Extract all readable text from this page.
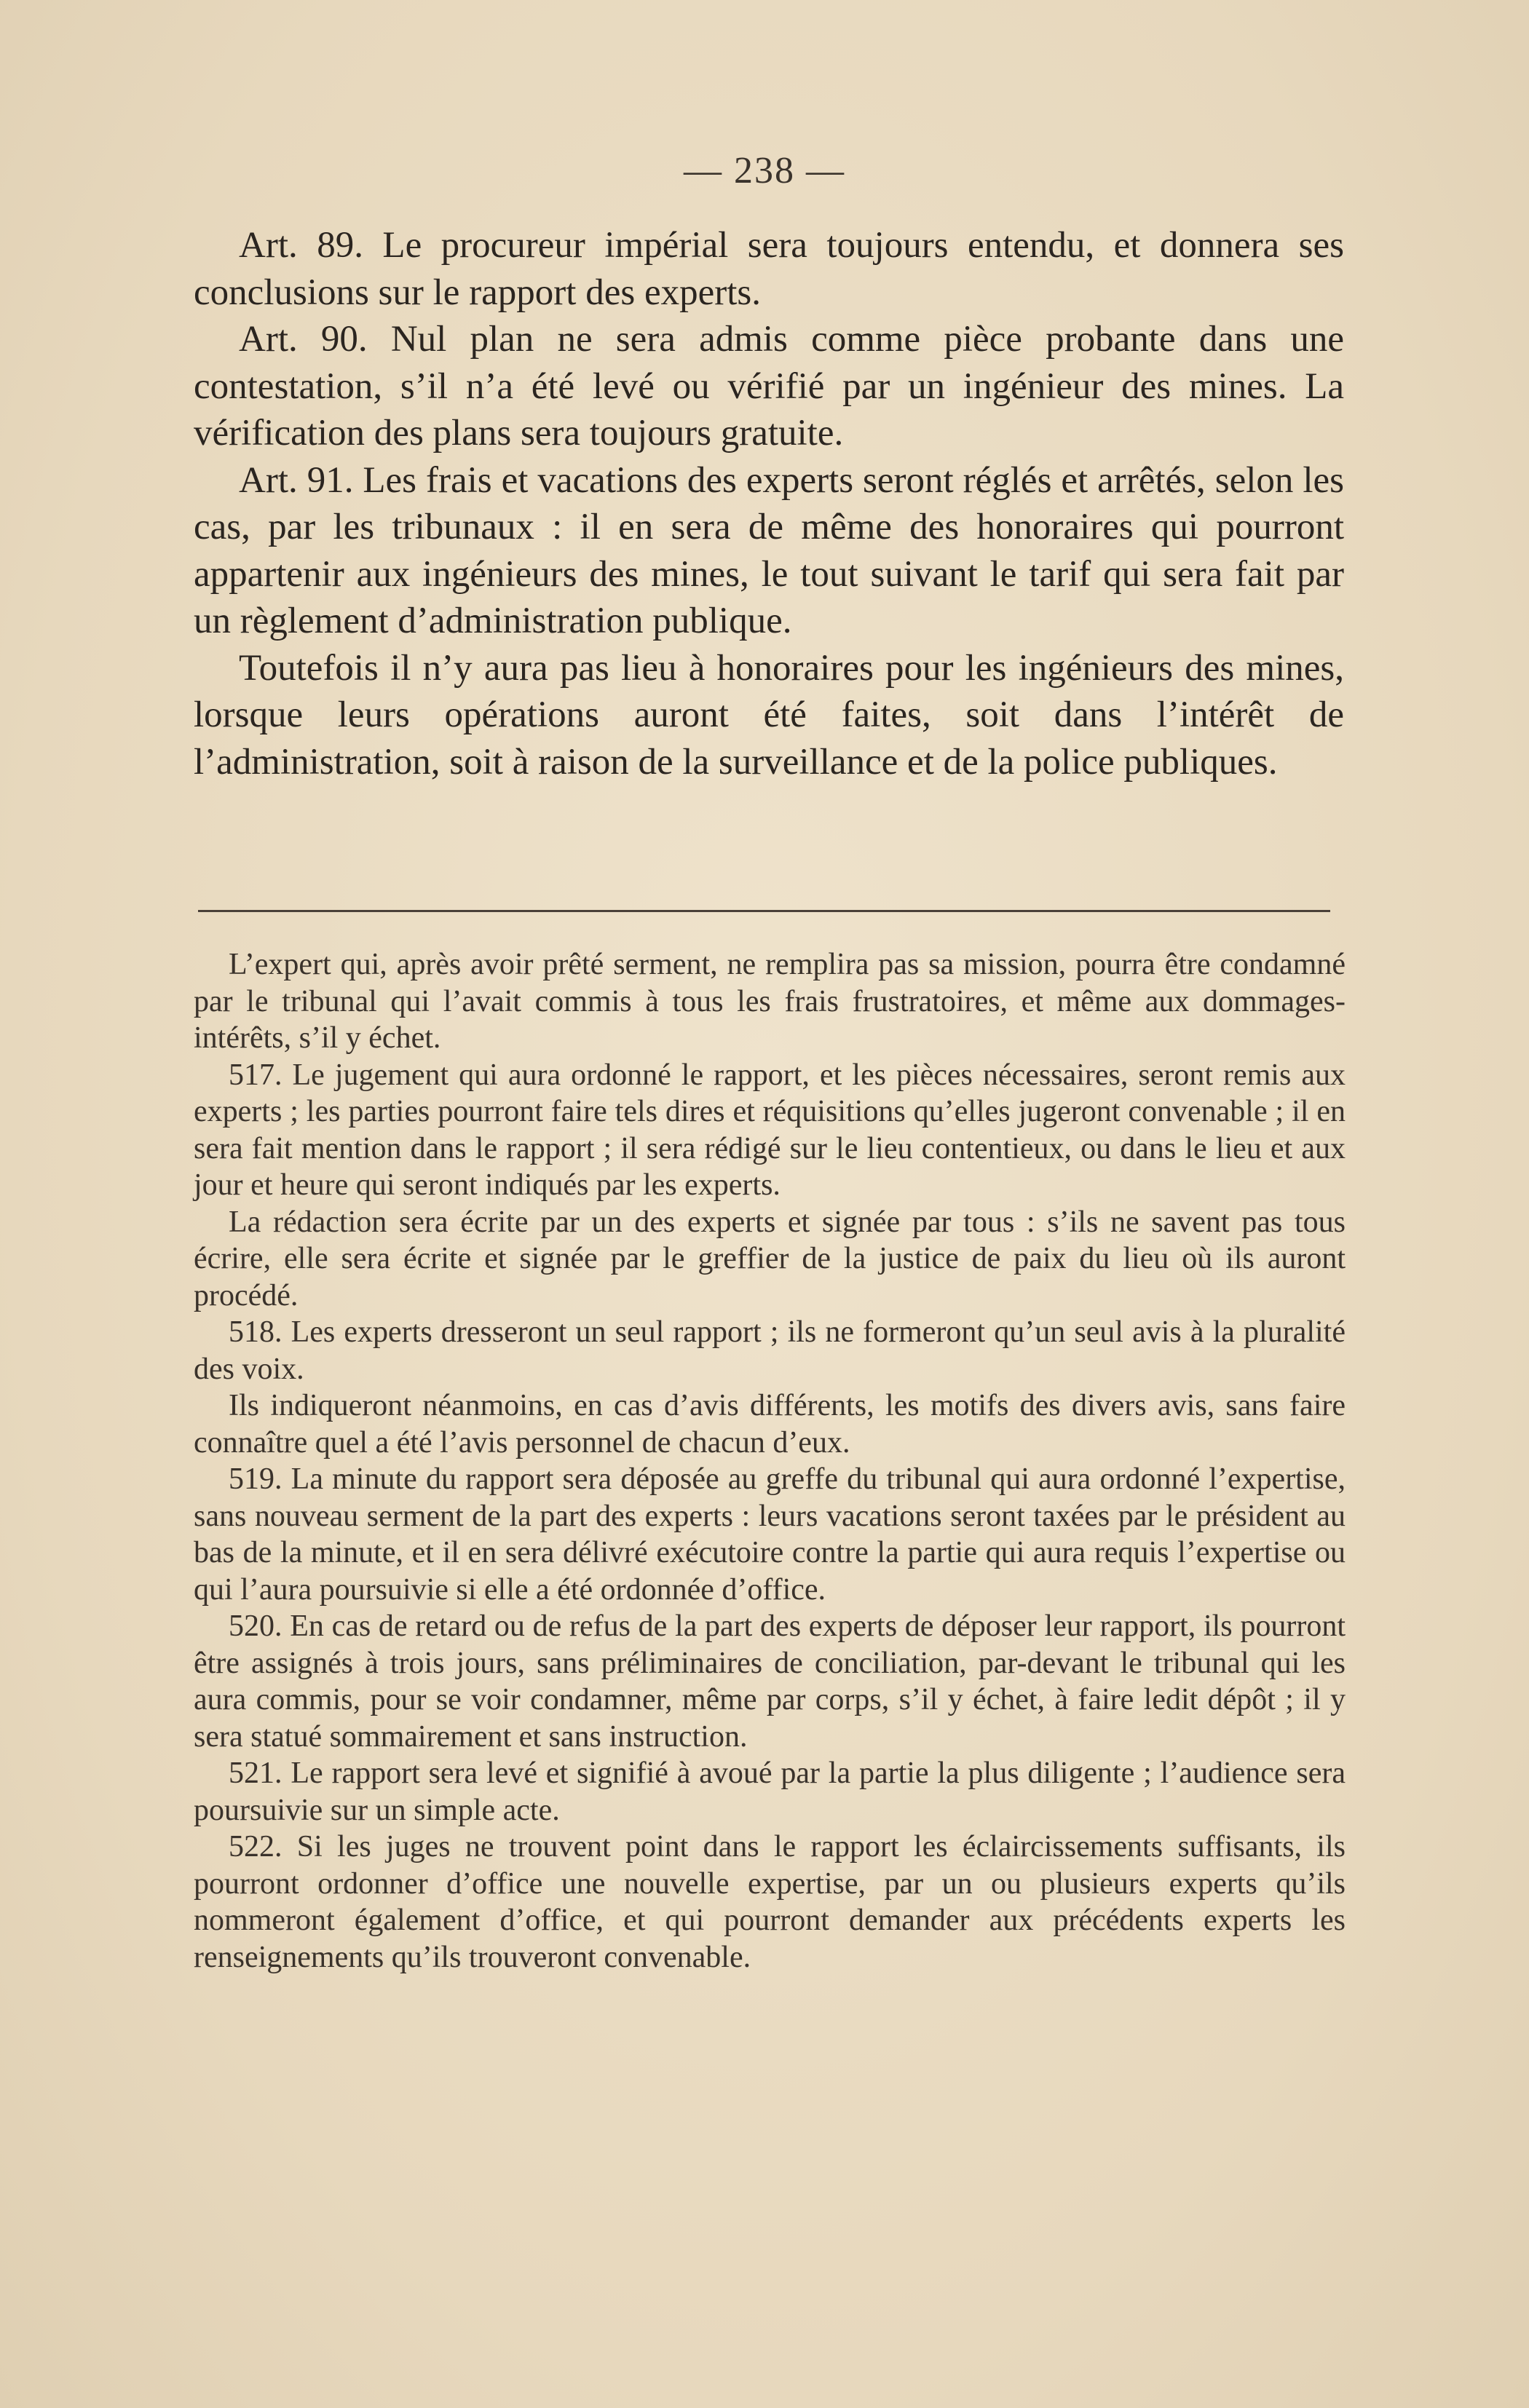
— 238 —

Art. 89. Le procureur impérial sera toujours entendu, et donnera ses conclusions sur le rapport des experts.

Art. 90. Nul plan ne sera admis comme pièce probante dans une contestation, s’il n’a été levé ou vérifié par un ingénieur des mines. La vérification des plans sera toujours gratuite.

Art. 91. Les frais et vacations des experts seront réglés et arrêtés, selon les cas, par les tribunaux : il en sera de même des honoraires qui pourront appartenir aux ingénieurs des mines, le tout suivant le tarif qui sera fait par un règlement d’administration publique.

Toutefois il n’y aura pas lieu à honoraires pour les ingénieurs des mines, lorsque leurs opérations auront été faites, soit dans l’intérêt de l’administration, soit à raison de la surveillance et de la police publiques.

L’expert qui, après avoir prêté serment, ne remplira pas sa mission, pourra être condamné par le tribunal qui l’avait commis à tous les frais frustratoires, et même aux dommages-intérêts, s’il y échet.

517. Le jugement qui aura ordonné le rapport, et les pièces nécessaires, seront remis aux experts ; les parties pourront faire tels dires et réquisitions qu’elles jugeront convenable ; il en sera fait mention dans le rapport ; il sera rédigé sur le lieu contentieux, ou dans le lieu et aux jour et heure qui seront indiqués par les experts.

La rédaction sera écrite par un des experts et signée par tous : s’ils ne savent pas tous écrire, elle sera écrite et signée par le greffier de la justice de paix du lieu où ils auront procédé.

518. Les experts dresseront un seul rapport ; ils ne formeront qu’un seul avis à la pluralité des voix.

Ils indiqueront néanmoins, en cas d’avis différents, les motifs des divers avis, sans faire connaître quel a été l’avis personnel de chacun d’eux.

519. La minute du rapport sera déposée au greffe du tribunal qui aura ordonné l’expertise, sans nouveau serment de la part des experts : leurs vacations seront taxées par le président au bas de la minute, et il en sera délivré exécutoire contre la partie qui aura requis l’expertise ou qui l’aura poursuivie si elle a été ordonnée d’office.

520. En cas de retard ou de refus de la part des experts de déposer leur rapport, ils pourront être assignés à trois jours, sans préliminaires de conciliation, par-devant le tribunal qui les aura commis, pour se voir condamner, même par corps, s’il y échet, à faire ledit dépôt ; il y sera statué sommairement et sans instruction.

521. Le rapport sera levé et signifié à avoué par la partie la plus diligente ; l’audience sera poursuivie sur un simple acte.

522. Si les juges ne trouvent point dans le rapport les éclaircissements suffisants, ils pourront ordonner d’office une nouvelle expertise, par un ou plusieurs experts qu’ils nommeront également d’office, et qui pourront demander aux précédents experts les renseignements qu’ils trouveront convenable.
